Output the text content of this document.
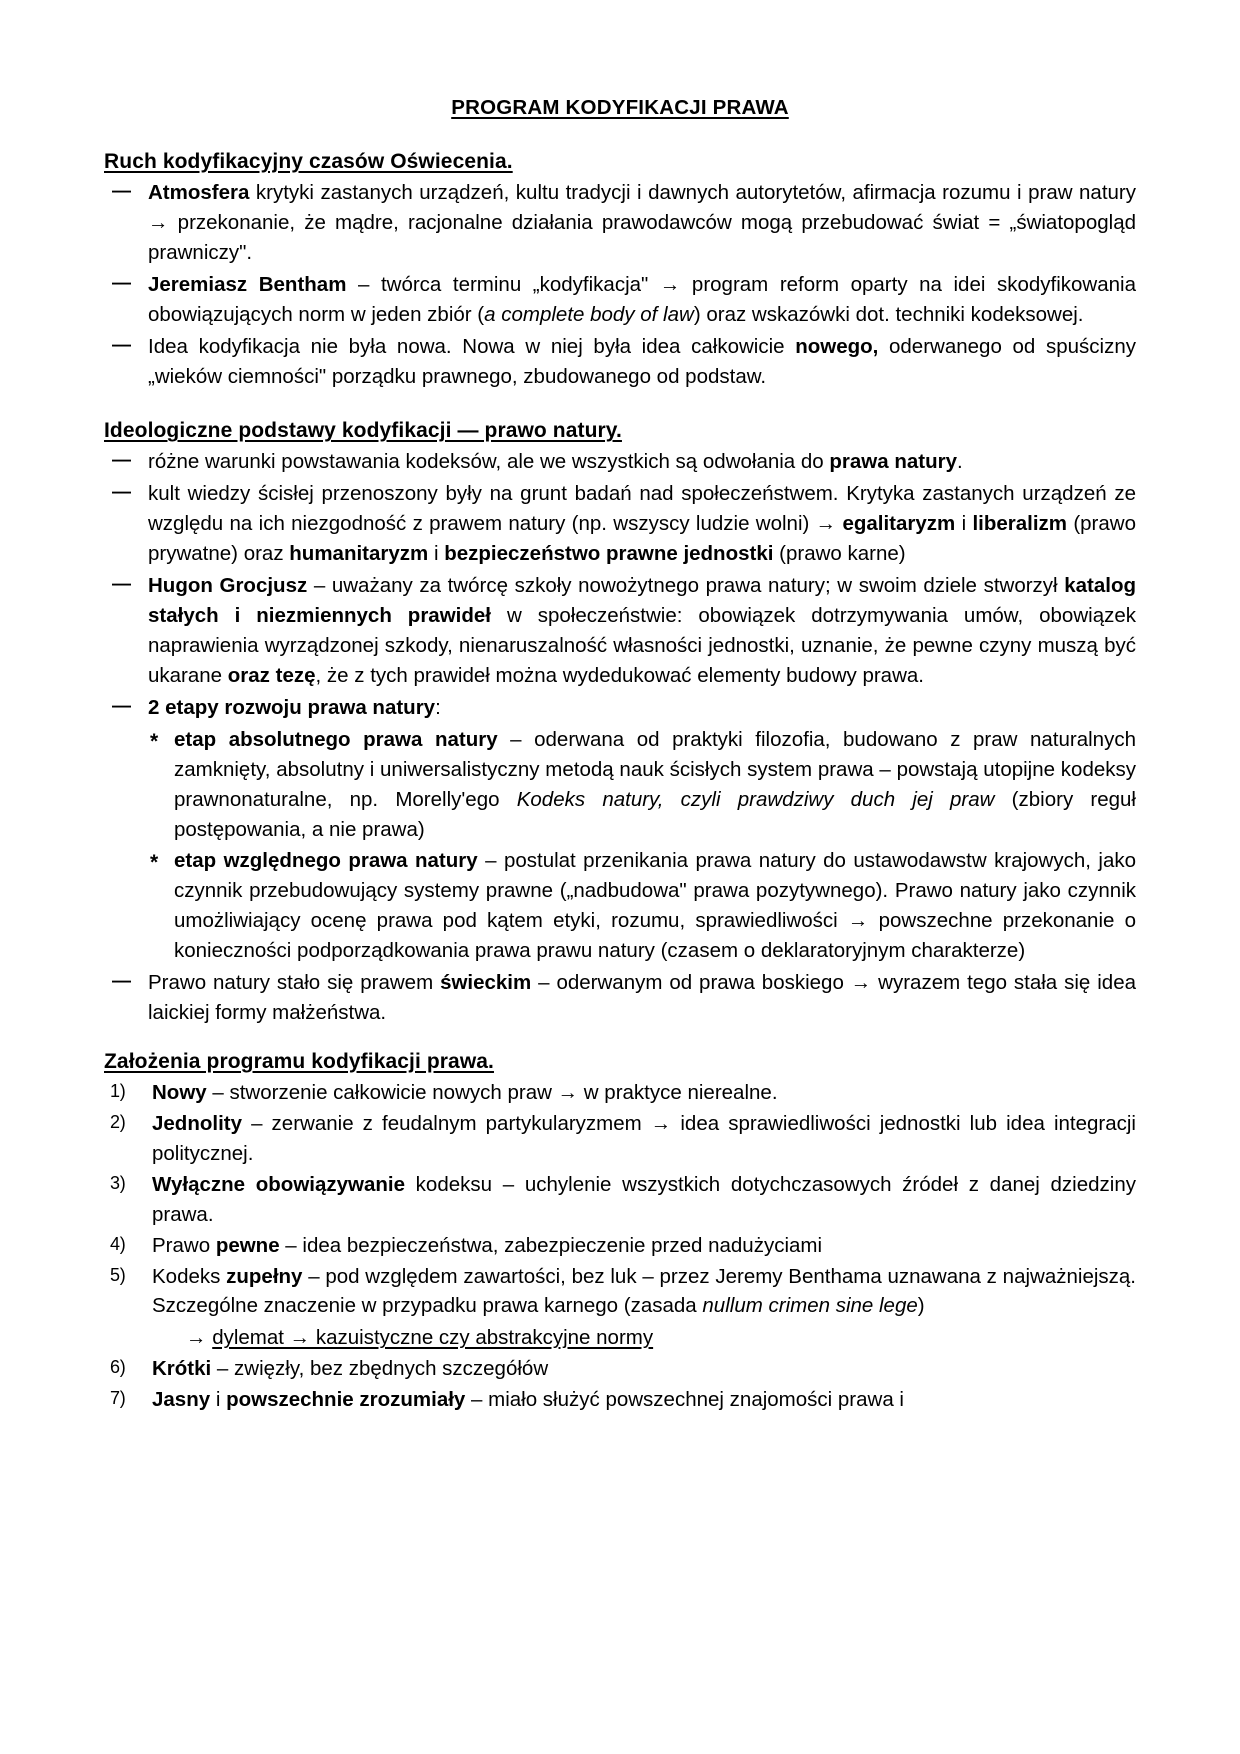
PROGRAM KODYFIKACJI PRAWA
Ruch kodyfikacyjny czasów Oświecenia.
— Atmosfera krytyki zastanych urządzeń, kultu tradycji i dawnych autorytetów, afirmacja rozumu i praw natury → przekonanie, że mądre, racjonalne działania prawodawców mogą przebudować świat = „światopogląd prawniczy".
— Jeremiasz Bentham – twórca terminu „kodyfikacja" → program reform oparty na idei skodyfikowania obowiązujących norm w jeden zbiór (a complete body of law) oraz wskazówki dot. techniki kodeksowej.
— Idea kodyfikacja nie była nowa. Nowa w niej była idea całkowicie nowego, oderwanego od spuścizny „wieków ciemności" porządku prawnego, zbudowanego od podstaw.
Ideologiczne podstawy kodyfikacji — prawo natury.
— różne warunki powstawania kodeksów, ale we wszystkich są odwołania do prawa natury.
— kult wiedzy ścisłej przenoszony były na grunt badań nad społeczeństwem. Krytyka zastanych urządzeń ze względu na ich niezgodność z prawem natury (np. wszyscy ludzie wolni) → egalitaryzm i liberalizm (prawo prywatne) oraz humanitaryzm i bezpieczeństwo prawne jednostki (prawo karne)
— Hugon Grocjusz – uważany za twórcę szkoły nowożytnego prawa natury; w swoim dziele stworzył katalog stałych i niezmiennych prawideł w społeczeństwie: obowiązek dotrzymywania umów, obowiązek naprawienia wyrządzonej szkody, nienaruszalność własności jednostki, uznanie, że pewne czyny muszą być ukarane oraz tezę, że z tych prawideł można wydedukować elementy budowy prawa.
— 2 etapy rozwoju prawa natury:
* etap absolutnego prawa natury – oderwana od praktyki filozofia, budowano z praw naturalnych zamknięty, absolutny i uniwersalistyczny metodą nauk ścisłych system prawa – powstają utopijne kodeksy prawnonaturalne, np. Morelly'ego Kodeks natury, czyli prawdziwy duch jej praw (zbiory reguł postępowania, a nie prawa)
* etap względnego prawa natury – postulat przenikania prawa natury do ustawodawstw krajowych, jako czynnik przebudowujący systemy prawne („nadbudowa" prawa pozytywnego). Prawo natury jako czynnik umożliwiający ocenę prawa pod kątem etyki, rozumu, sprawiedliwości → powszechne przekonanie o konieczności podporządkowania prawa prawu natury (czasem o deklaratoryjnym charakterze)
— Prawo natury stało się prawem świeckim – oderwanym od prawa boskiego → wyrazem tego stała się idea laickiej formy małżeństwa.
Założenia programu kodyfikacji prawa.
1) Nowy – stworzenie całkowicie nowych praw → w praktyce nierealne.
2) Jednolity – zerwanie z feudalnym partykularyzmem → idea sprawiedliwości jednostki lub idea integracji politycznej.
3) Wyłączne obowiązywanie kodeksu – uchylenie wszystkich dotychczasowych źródeł z danej dziedziny prawa.
4) Prawo pewne – idea bezpieczeństwa, zabezpieczenie przed nadużyciami
5) Kodeks zupełny – pod względem zawartości, bez luk – przez Jeremy Benthama uznawana z najważniejszą. Szczególne znaczenie w przypadku prawa karnego (zasada nullum crimen sine lege)
→ dylemat → kazuistyczne czy abstrakcyjne normy
6) Krótki – zwięzły, bez zbędnych szczegółów
7) Jasny i powszechnie zrozumiały – miało służyć powszechnej znajomości prawa i
